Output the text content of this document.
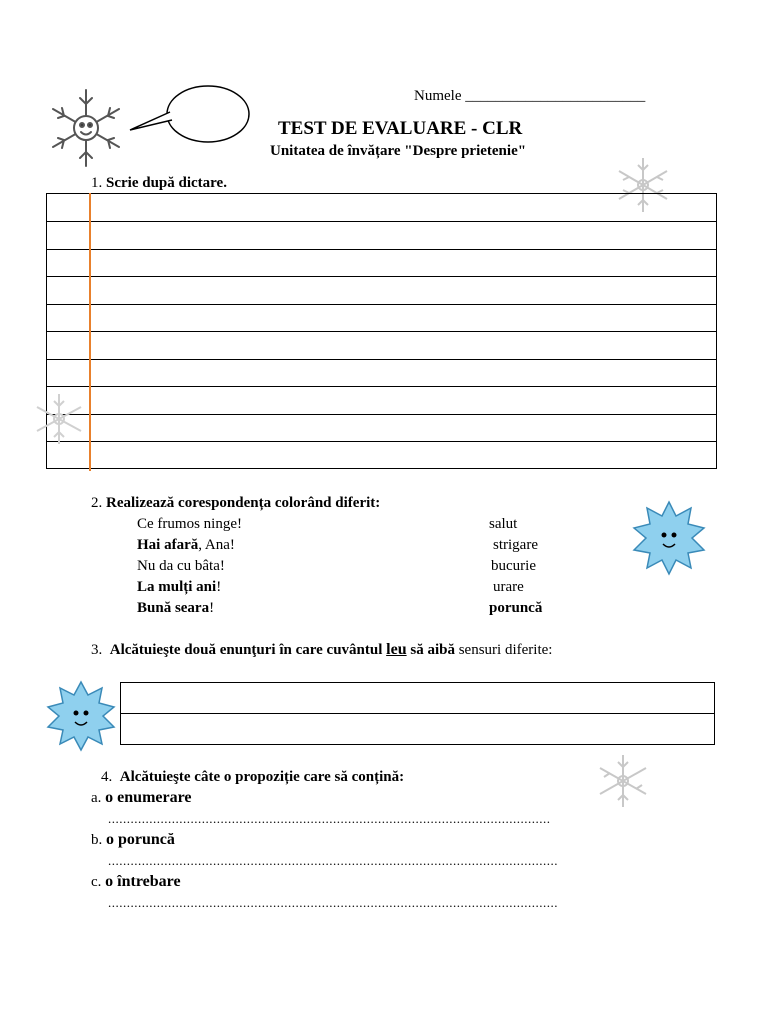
Numele ________________________
TEST DE EVALUARE - CLR
Unitatea de învățare "Despre prietenie"
1. Scrie după dictare.
2. Realizează corespondența colorând diferit:
Ce frumos ninge!
Hai afară, Ana!
Nu da cu bâta!
La mulți ani!
Bună seara!
salut
strigare
bucurie
urare
poruncă
3. Alcătuieşte două enunţuri în care cuvântul leu să aibă sensuri diferite:
4. Alcătuieşte câte o propoziție care să conțină:
a. o enumerare
......................................................................................................................
b. o poruncă
........................................................................................................................
c. o întrebare
........................................................................................................................
